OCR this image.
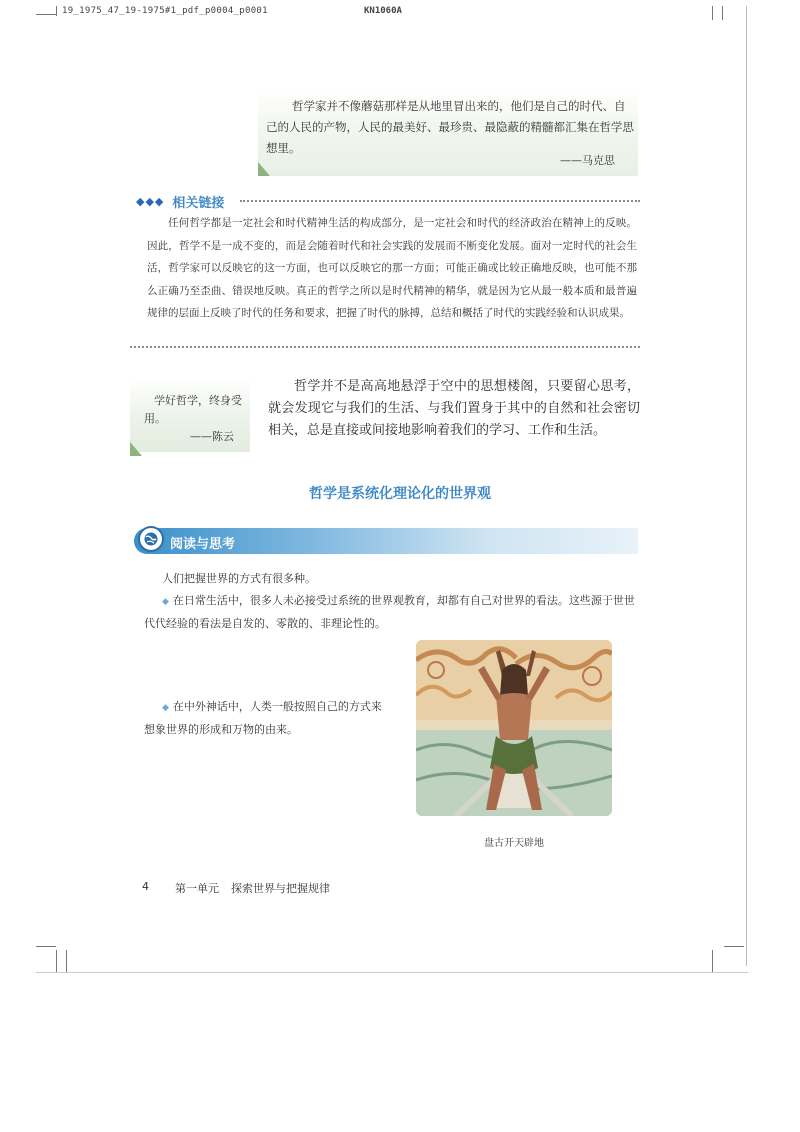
19_1975_47_19-1975#1_pdf_p0004_p0001	KN1060A
哲学家并不像蘑菇那样是从地里冒出来的，他们是自己的时代、自己的人民的产物，人民的最美好、最珍贵、最隐蔽的精髓都汇集在哲学思想里。
——马克思
◆◆◆ 相关链接
任何哲学都是一定社会和时代精神生活的构成部分，是一定社会和时代的经济政治在精神上的反映。因此，哲学不是一成不变的，而是会随着时代和社会实践的发展而不断变化发展。面对一定时代的社会生活，哲学家可以反映它的这一方面，也可以反映它的那一方面；可能正确或比较正确地反映，也可能不那么正确乃至歪曲、错误地反映。真正的哲学之所以是时代精神的精华，就是因为它从最一般本质和最普遍规律的层面上反映了时代的任务和要求，把握了时代的脉搏，总结和概括了时代的实践经验和认识成果。
学好哲学，终身受用。
——陈云
哲学并不是高高地悬浮于空中的思想楼阁，只要留心思考，就会发现它与我们的生活、与我们置身于其中的自然和社会密切相关，总是直接或间接地影响着我们的学习、工作和生活。
哲学是系统化理论化的世界观
阅读与思考
人们把握世界的方式有很多种。
◆ 在日常生活中，很多人未必接受过系统的世界观教育，却都有自己对世界的看法。这些源于世世代代经验的看法是自发的、零散的、非理论性的。
◆ 在中外神话中，人类一般按照自己的方式来想象世界的形成和万物的由来。
盘古开天辟地
4 第一单元 探索世界与把握规律
